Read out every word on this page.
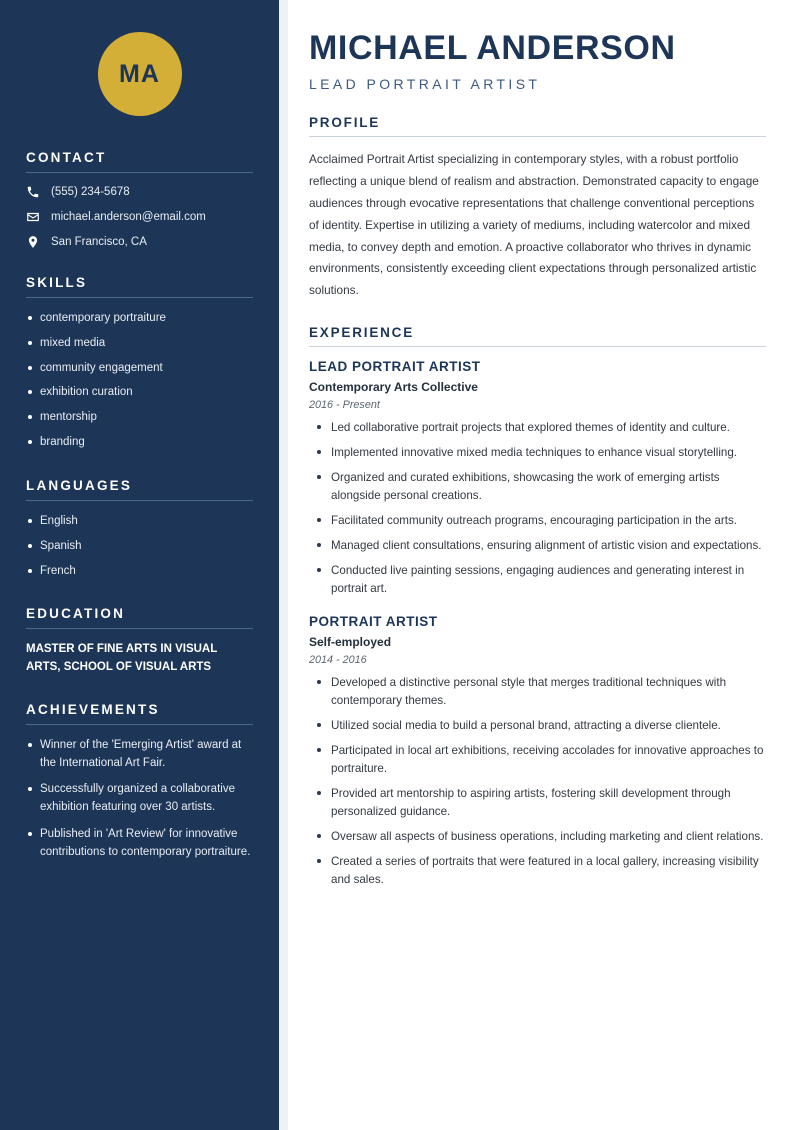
MA
CONTACT
(555) 234-5678
michael.anderson@email.com
San Francisco, CA
SKILLS
contemporary portraiture
mixed media
community engagement
exhibition curation
mentorship
branding
LANGUAGES
English
Spanish
French
EDUCATION
MASTER OF FINE ARTS IN VISUAL ARTS, SCHOOL OF VISUAL ARTS
ACHIEVEMENTS
Winner of the 'Emerging Artist' award at the International Art Fair.
Successfully organized a collaborative exhibition featuring over 30 artists.
Published in 'Art Review' for innovative contributions to contemporary portraiture.
MICHAEL ANDERSON
LEAD PORTRAIT ARTIST
PROFILE

Acclaimed Portrait Artist specializing in contemporary styles, with a robust portfolio reflecting a unique blend of realism and abstraction. Demonstrated capacity to engage audiences through evocative representations that challenge conventional perceptions of identity. Expertise in utilizing a variety of mediums, including watercolor and mixed media, to convey depth and emotion. A proactive collaborator who thrives in dynamic environments, consistently exceeding client expectations through personalized artistic solutions.

EXPERIENCE
LEAD PORTRAIT ARTIST
Contemporary Arts Collective
2016 - Present
Led collaborative portrait projects that explored themes of identity and culture.
Implemented innovative mixed media techniques to enhance visual storytelling.
Organized and curated exhibitions, showcasing the work of emerging artists alongside personal creations.
Facilitated community outreach programs, encouraging participation in the arts.
Managed client consultations, ensuring alignment of artistic vision and expectations.
Conducted live painting sessions, engaging audiences and generating interest in portrait art.
PORTRAIT ARTIST
Self-employed
2014 - 2016
Developed a distinctive personal style that merges traditional techniques with contemporary themes.
Utilized social media to build a personal brand, attracting a diverse clientele.
Participated in local art exhibitions, receiving accolades for innovative approaches to portraiture.
Provided art mentorship to aspiring artists, fostering skill development through personalized guidance.
Oversaw all aspects of business operations, including marketing and client relations.
Created a series of portraits that were featured in a local gallery, increasing visibility and sales.
